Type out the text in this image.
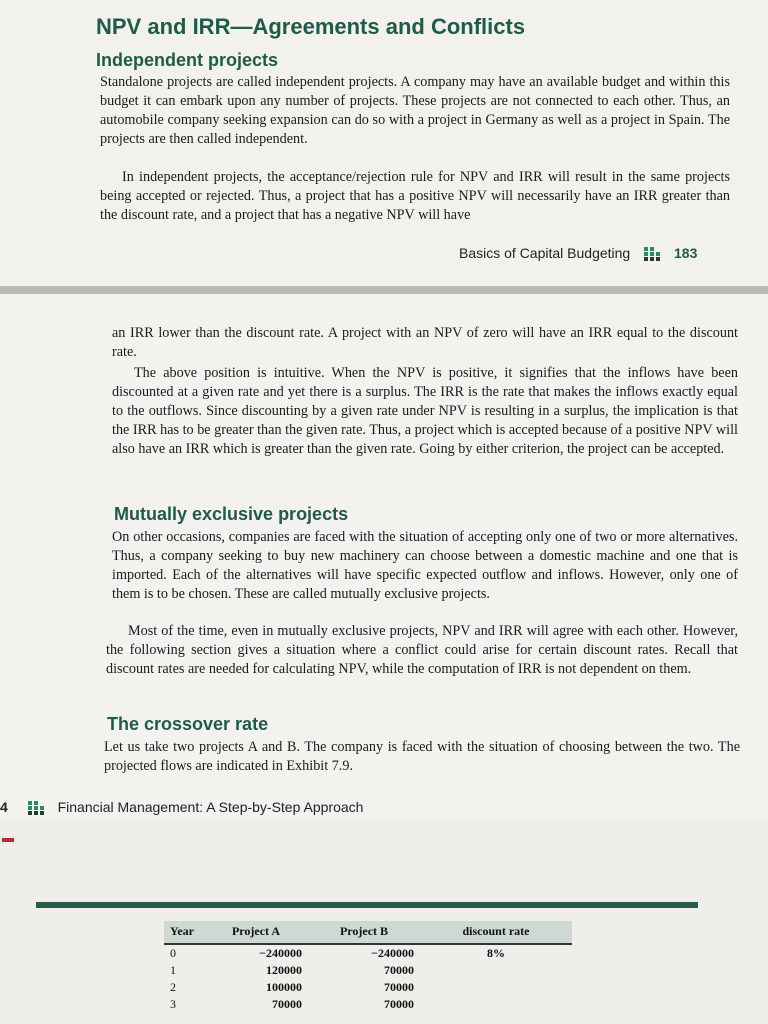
NPV and IRR—Agreements and Conflicts
Independent projects
Standalone projects are called independent projects. A company may have an available budget and within this budget it can embark upon any number of projects. These projects are not connected to each other. Thus, an automobile company seeking expansion can do so with a project in Germany as well as a project in Spain. The projects are then called independent.
In independent projects, the acceptance/rejection rule for NPV and IRR will result in the same projects being accepted or rejected. Thus, a project that has a positive NPV will necessarily have an IRR greater than the discount rate, and a project that has a negative NPV will have
Basics of Capital Budgeting	183
an IRR lower than the discount rate. A project with an NPV of zero will have an IRR equal to the discount rate.
The above position is intuitive. When the NPV is positive, it signifies that the inflows have been discounted at a given rate and yet there is a surplus. The IRR is the rate that makes the inflows exactly equal to the outflows. Since discounting by a given rate under NPV is resulting in a surplus, the implication is that the IRR has to be greater than the given rate. Thus, a project which is accepted because of a positive NPV will also have an IRR which is greater than the given rate. Going by either criterion, the project can be accepted.
Mutually exclusive projects
On other occasions, companies are faced with the situation of accepting only one of two or more alternatives. Thus, a company seeking to buy new machinery can choose between a domestic machine and one that is imported. Each of the alternatives will have specific expected outflow and inflows. However, only one of them is to be chosen. These are called mutually exclusive projects.
Most of the time, even in mutually exclusive projects, NPV and IRR will agree with each other. However, the following section gives a situation where a conflict could arise for certain discount rates. Recall that discount rates are needed for calculating NPV, while the computation of IRR is not dependent on them.
The crossover rate
Let us take two projects A and B. The company is faced with the situation of choosing between the two. The projected flows are indicated in Exhibit 7.9.
4	Financial Management: A Step-by-Step Approach
Year	Project A	Project B	discount rate
0	−240000	−240000	8%
1	120000	70000	
2	100000	70000	
3	70000	70000	
